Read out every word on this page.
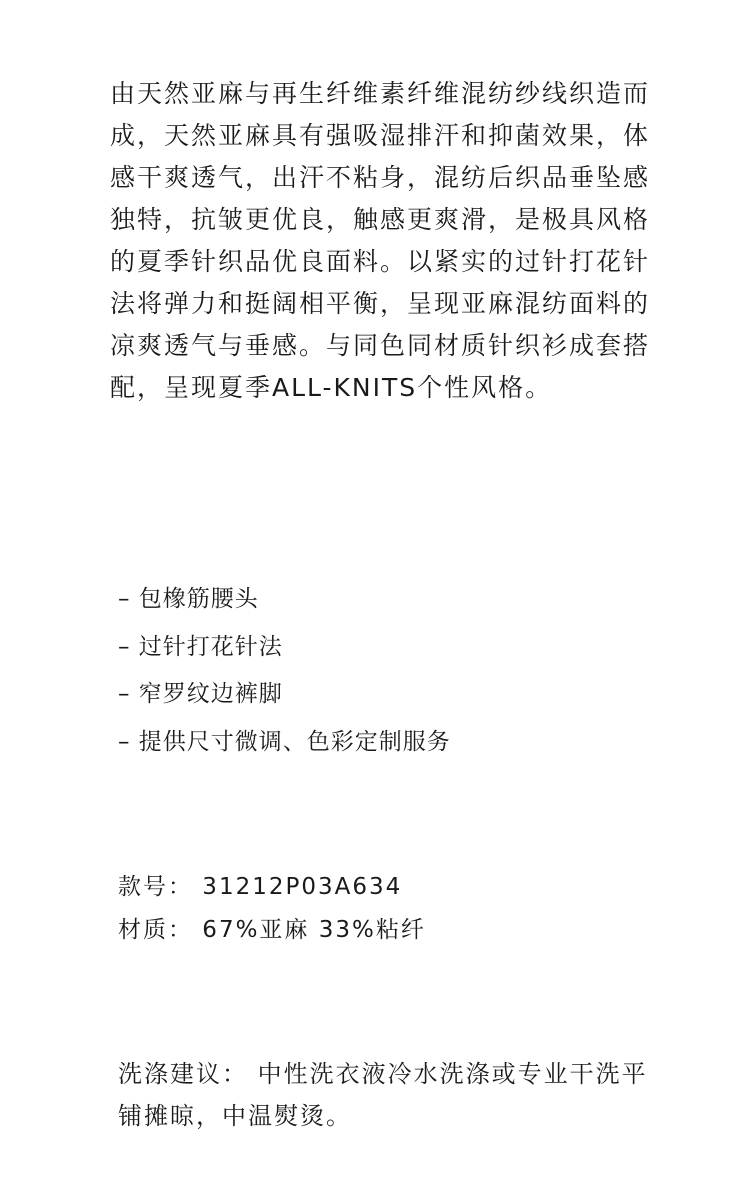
由天然亚麻与再生纤维素纤维混纺纱线织造而成，天然亚麻具有强吸湿排汗和抑菌效果，体感干爽透气，出汗不粘身，混纺后织品垂坠感独特，抗皱更优良，触感更爽滑，是极具风格的夏季针织品优良面料。以紧实的过针打花针法将弹力和挺阔相平衡，呈现亚麻混纺面料的凉爽透气与垂感。与同色同材质针织衫成套搭配，呈现夏季ALL-KNITS个性风格。

– 包橡筋腰头
– 过针打花针法
– 窄罗纹边裤脚
– 提供尺寸微调、色彩定制服务
款号： 31212P03A634
材质： 67%亚麻 33%粘纤

洗涤建议： 中性洗衣液冷水洗涤或专业干洗平铺摊晾，中温熨烫。
